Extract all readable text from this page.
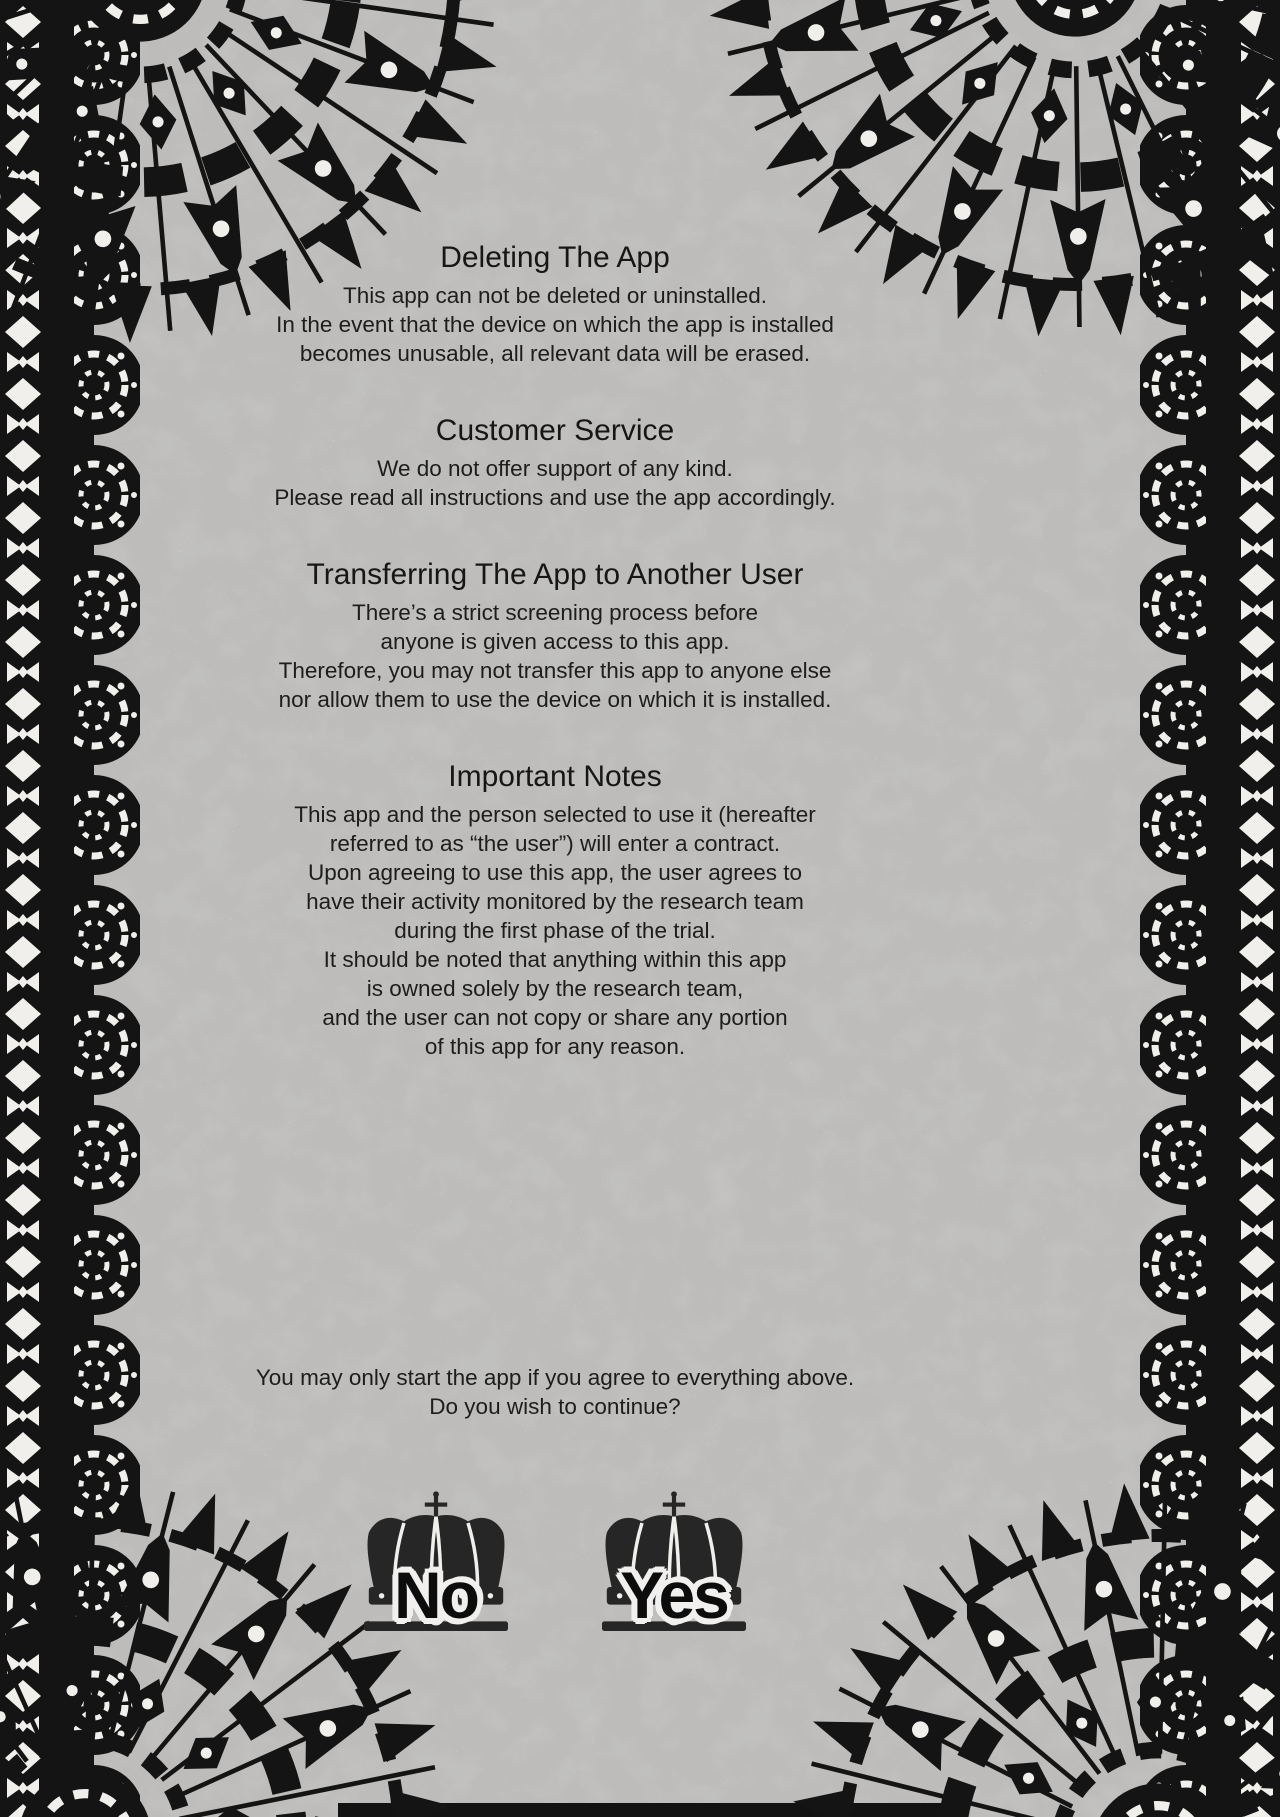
Deleting The App
This app can not be deleted or uninstalled.
In the event that the device on which the app is installed
becomes unusable, all relevant data will be erased.
Customer Service
We do not offer support of any kind.
Please read all instructions and use the app accordingly.
Transferring The App to Another User
There’s a strict screening process before
anyone is given access to this app.
Therefore, you may not transfer this app to anyone else
nor allow them to use the device on which it is installed.
Important Notes
This app and the person selected to use it (hereafter
referred to as “the user”) will enter a contract.
Upon agreeing to use this app, the user agrees to
have their activity monitored by the research team
during the first phase of the trial.
It should be noted that anything within this app
is owned solely by the research team,
and the user can not copy or share any portion
of this app for any reason.
You may only start the app if you agree to everything above.
Do you wish to continue?
No	Yes
